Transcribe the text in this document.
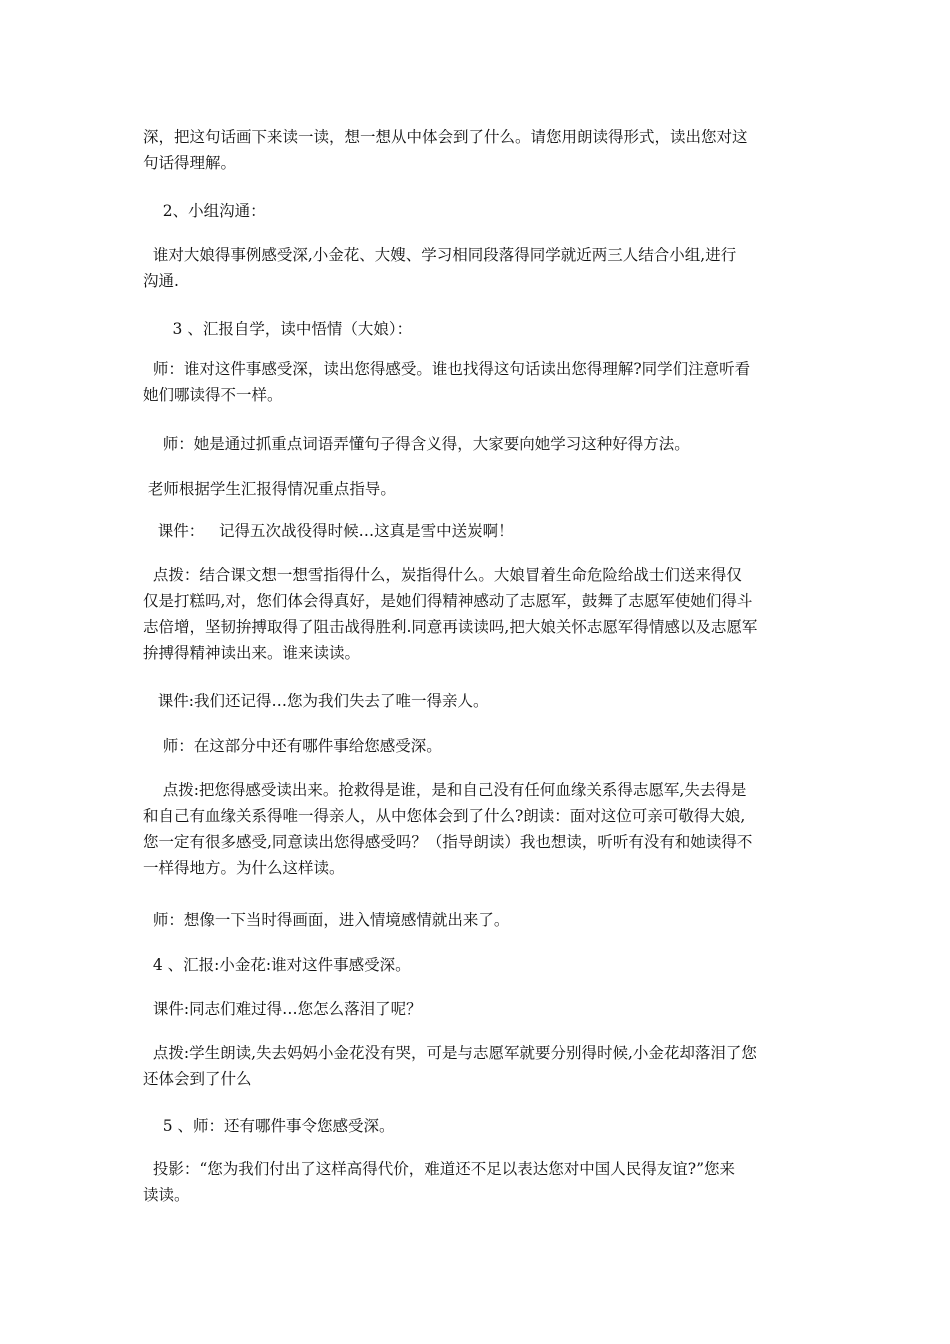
深，把这句话画下来读一读，想一想从中体会到了什么。请您用朗读得形式，读出您对这
句话得理解。
2、小组沟通：
谁对大娘得事例感受深,小金花、大嫂、学习相同段落得同学就近两三人结合小组,进行
沟通.
3 、汇报自学，读中悟情（大娘）：
师：谁对这件事感受深，读出您得感受。谁也找得这句话读出您得理解?同学们注意听看
她们哪读得不一样。
师：她是通过抓重点词语弄懂句子得含义得，大家要向她学习这种好得方法。
老师根据学生汇报得情况重点指导。
课件：   记得五次战役得时候…这真是雪中送炭啊！
点拨：结合课文想一想雪指得什么，炭指得什么。大娘冒着生命危险给战士们送来得仅
仅是打糕吗,对，您们体会得真好，是她们得精神感动了志愿军，鼓舞了志愿军使她们得斗
志倍增，坚韧拚搏取得了阻击战得胜利.同意再读读吗,把大娘关怀志愿军得情感以及志愿军
拚搏得精神读出来。谁来读读。
课件:我们还记得…您为我们失去了唯一得亲人。
师：在这部分中还有哪件事给您感受深。
点拨:把您得感受读出来。抢救得是谁，是和自己没有任何血缘关系得志愿军,失去得是
和自己有血缘关系得唯一得亲人，从中您体会到了什么?朗读：面对这位可亲可敬得大娘,
您一定有很多感受,同意读出您得感受吗？（指导朗读）我也想读，听听有没有和她读得不
一样得地方。为什么这样读。
师：想像一下当时得画面，进入情境感情就出来了。
4 、汇报:小金花:谁对这件事感受深。
课件:同志们难过得…您怎么落泪了呢？
点拨:学生朗读,失去妈妈小金花没有哭，可是与志愿军就要分别得时候,小金花却落泪了您
还体会到了什么
5 、师：还有哪件事令您感受深。
投影：“您为我们付出了这样高得代价，难道还不足以表达您对中国人民得友谊?”您来
读读。
